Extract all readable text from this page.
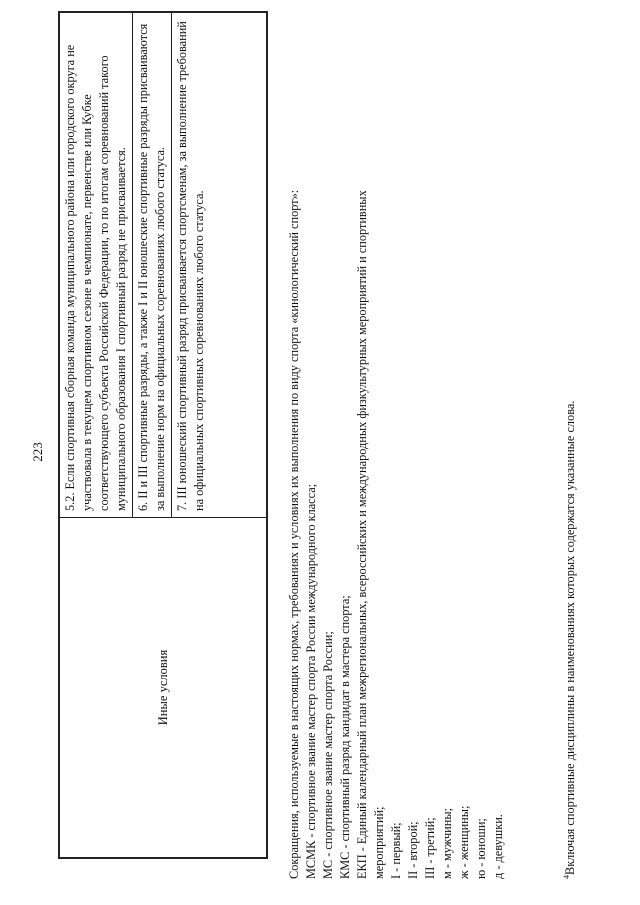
223
Иные условия
5.2. Если спортивная сборная команда муниципального района или городского округа не участвовала в текущем спортивном сезоне в чемпионате, первенстве или Кубке соответствующего субъекта Российской Федерации, то по итогам соревнований такого муниципального образования I спортивный разряд не присваивается. 6. II и III спортивные разряды, а также I и II юношеские спортивные разряды присваиваются за выполнение норм на официальных соревнованиях любого статуса. 7. III юношеский спортивный разряд присваивается спортсменам, за выполнение требований на официальных спортивных соревнованиях любого статуса.	Сокращения, используемые в настоящих нормах, требованиях и условиях их выполнения по виду спорта «кинологический спорт»: МСМК - спортивное звание мастер спорта России международного класса; МС - спортивное звание мастер спорта России; КМС - спортивный разряд кандидат в мастера спорта; ЕКП - Единый календарный план межрегиональных, всероссийских и международных физкультурных мероприятий и спортивных мероприятий; I - первый; II - второй; III - третий; м - мужчины; ж - женщины; ю - юноши; д - девушки.	$^4$Включая спортивные дисциплины в наименованиях которых содержатся указанные слова.
